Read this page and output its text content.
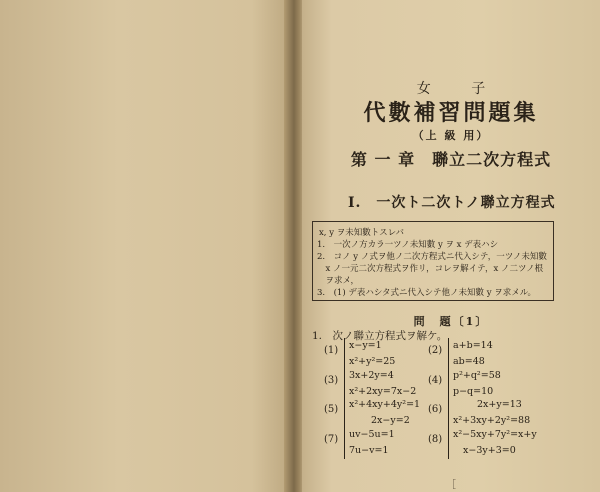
女 子
代數補習問題集
（上 級 用）
第 一 章　聯立二次方程式
I.　一次ト二次トノ聯立方程式
x, y ヲ未知數トスレバ
1.　一次ノ方カラ一ツノ未知數 y ヲ x デ表ハシ
2.　コノ y ノ式ヲ他ノ二次方程式ニ代入シテ，一ツノ未知數
　x ノ一元二次方程式ヲ作リ，コレヲ解イテ，x ノ二ツノ根
　ヲ求メ，
3.　(1) デ表ハシタ式ニ代入シテ他ノ未知數 y ヲ求メル。
問　題〔1〕
1.　次ノ聯立方程式ヲ解ケ。
(1) x−y=1
x²+y²=25
(2) a+b=14
ab=48
(3) 3x+2y=4
x²+2xy=7x−2
(4) p²+q²=58
p−q=10
(5) x²+4xy+4y²=1
2x−y=2
(6)	2x+y=13
x²+3xy+2y²=88
(7) uv−5u=1
7u−v=1
(8) x²−5xy+7y²=x+y
x−3y+3=0
［
